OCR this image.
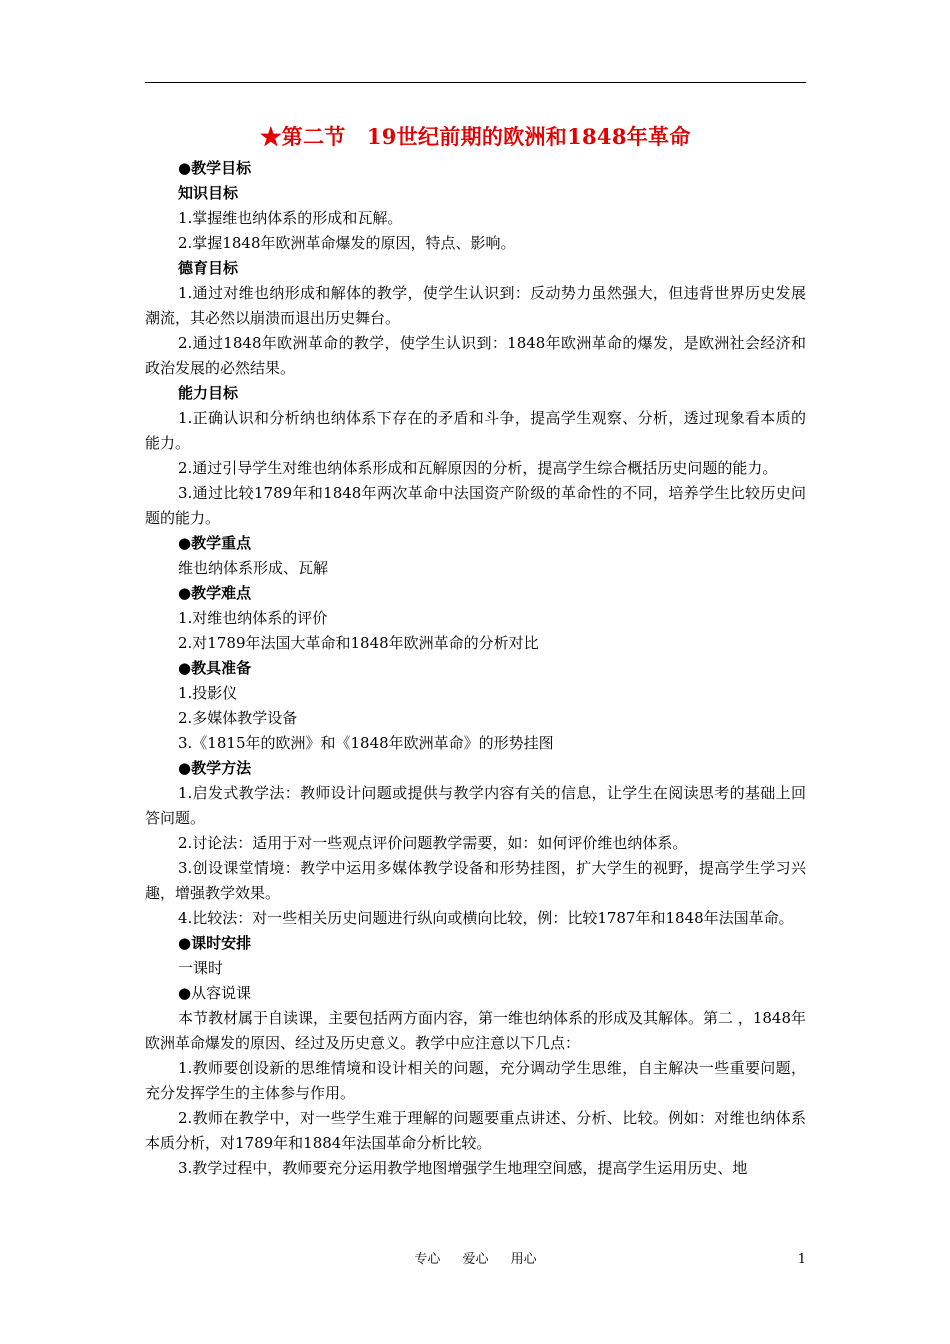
★第二节　19世纪前期的欧洲和1848年革命
●教学目标
知识目标
1.掌握维也纳体系的形成和瓦解。
2.掌握1848年欧洲革命爆发的原因，特点、影响。
德育目标
1.通过对维也纳形成和解体的教学，使学生认识到：反动势力虽然强大，但违背世界历史发展潮流，其必然以崩溃而退出历史舞台。
2.通过1848年欧洲革命的教学，使学生认识到：1848年欧洲革命的爆发，是欧洲社会经济和政治发展的必然结果。
能力目标
1.正确认识和分析纳也纳体系下存在的矛盾和斗争，提高学生观察、分析，透过现象看本质的能力。
2.通过引导学生对维也纳体系形成和瓦解原因的分析，提高学生综合概括历史问题的能力。
3.通过比较1789年和1848年两次革命中法国资产阶级的革命性的不同，培养学生比较历史问题的能力。
●教学重点
维也纳体系形成、瓦解
●教学难点
1.对维也纳体系的评价
2.对1789年法国大革命和1848年欧洲革命的分析对比
●教具准备
1.投影仪
2.多媒体教学设备
3.《1815年的欧洲》和《1848年欧洲革命》的形势挂图
●教学方法
1.启发式教学法：教师设计问题或提供与教学内容有关的信息，让学生在阅读思考的基础上回答问题。
2.讨论法：适用于对一些观点评价问题教学需要，如：如何评价维也纳体系。
3.创设课堂情境：教学中运用多媒体教学设备和形势挂图，扩大学生的视野，提高学生学习兴趣，增强教学效果。
4.比较法：对一些相关历史问题进行纵向或横向比较，例：比较1787年和1848年法国革命。
●课时安排
一课时
●从容说课
本节教材属于自读课，主要包括两方面内容，第一维也纳体系的形成及其解体。第二 ，1848年欧洲革命爆发的原因、经过及历史意义。教学中应注意以下几点：
1.教师要创设新的思维情境和设计相关的问题，充分调动学生思维，自主解决一些重要问题，充分发挥学生的主体参与作用。
2.教师在教学中，对一些学生难于理解的问题要重点讲述、分析、比较。例如：对维也纳体系本质分析，对1789年和1884年法国革命分析比较。
3.教学过程中，教师要充分运用教学地图增强学生地理空间感，提高学生运用历史、地
专心 爱心 用心	1
